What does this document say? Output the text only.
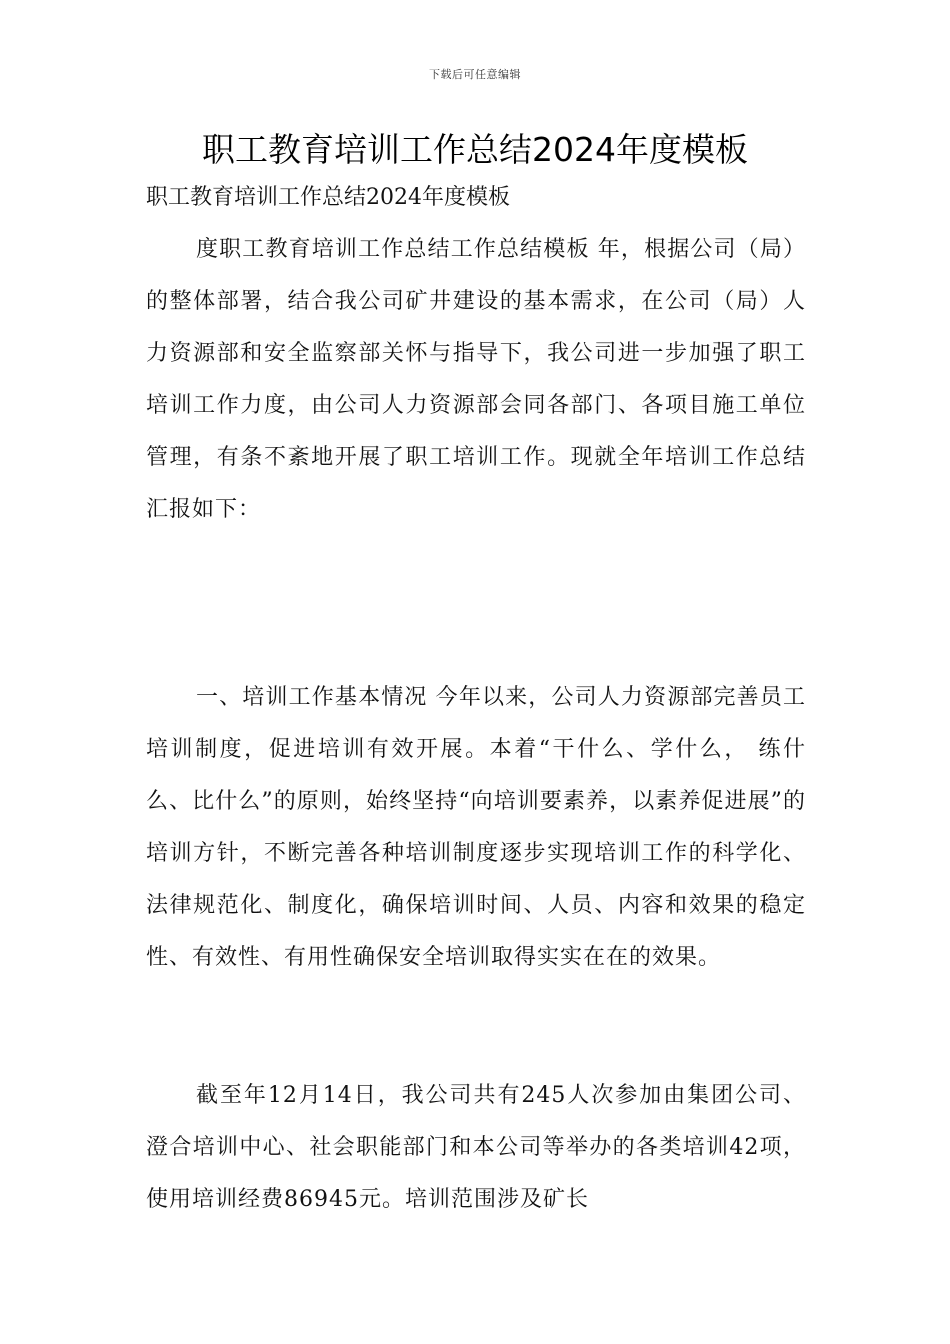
下载后可任意编辑
职工教育培训工作总结2024年度模板

职工教育培训工作总结2024年度模板

度职工教育培训工作总结工作总结模板 年，根据公司（局）的整体部署，结合我公司矿井建设的基本需求，在公司（局）人力资源部和安全监察部关怀与指导下，我公司进一步加强了职工培训工作力度，由公司人力资源部会同各部门、各项目施工单位管理，有条不紊地开展了职工培训工作。现就全年培训工作总结汇报如下：

一、培训工作基本情况 今年以来，公司人力资源部完善员工培训制度，促进培训有效开展。本着“干什么、学什么， 练什么、比什么”的原则，始终坚持“向培训要素养，以素养促进展”的培训方针，不断完善各种培训制度逐步实现培训工作的科学化、法律规范化、制度化，确保培训时间、人员、内容和效果的稳定性、有效性、有用性确保安全培训取得实实在在的效果。

截至年12月14日，我公司共有245人次参加由集团公司、澄合培训中心、社会职能部门和本公司等举办的各类培训42项，使用培训经费86945元。培训范围涉及矿长
